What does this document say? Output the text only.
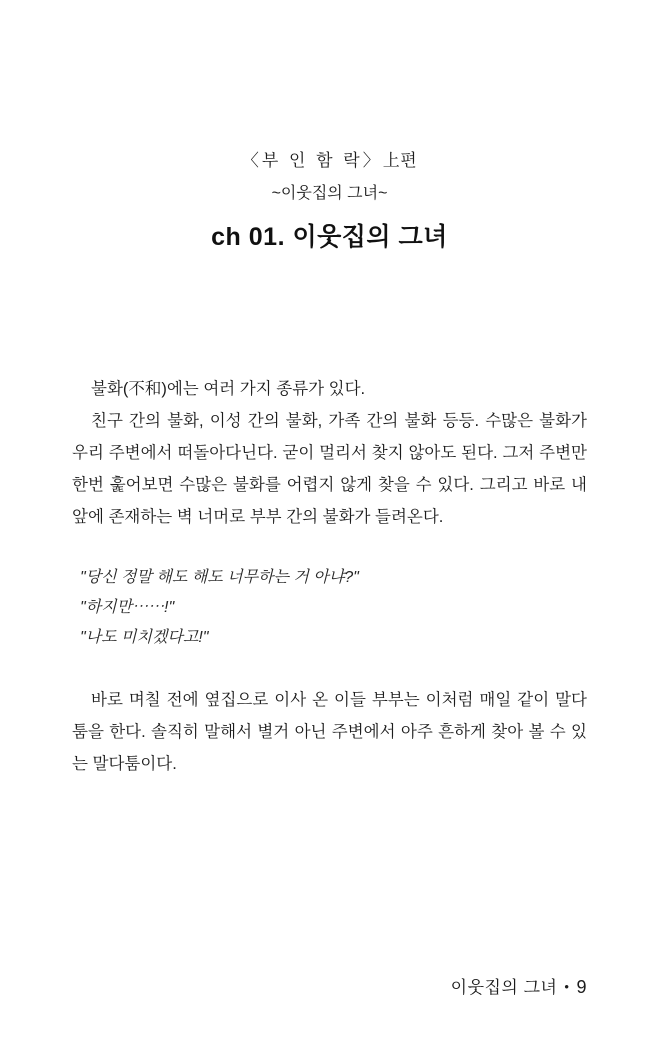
〈부 인 함 락〉上편
~이웃집의 그녀~
ch 01. 이웃집의 그녀

불화(不和)에는 여러 가지 종류가 있다.

친구 간의 불화, 이성 간의 불화, 가족 간의 불화 등등. 수많은 불화가 우리 주변에서 떠돌아다닌다. 굳이 멀리서 찾지 않아도 된다. 그저 주변만 한번 훑어보면 수많은 불화를 어렵지 않게 찾을 수 있다. 그리고 바로 내 앞에 존재하는 벽 너머로 부부 간의 불화가 들려온다.

"당신 정말 해도 해도 너무하는 거 아냐?"

"하지만⋯⋯!"

"나도 미치겠다고!"

바로 며칠 전에 옆집으로 이사 온 이들 부부는 이처럼 매일 같이 말다툼을 한다. 솔직히 말해서 별거 아닌 주변에서 아주 흔하게 찾아 볼 수 있는 말다툼이다.

이웃집의 그녀 • 9
